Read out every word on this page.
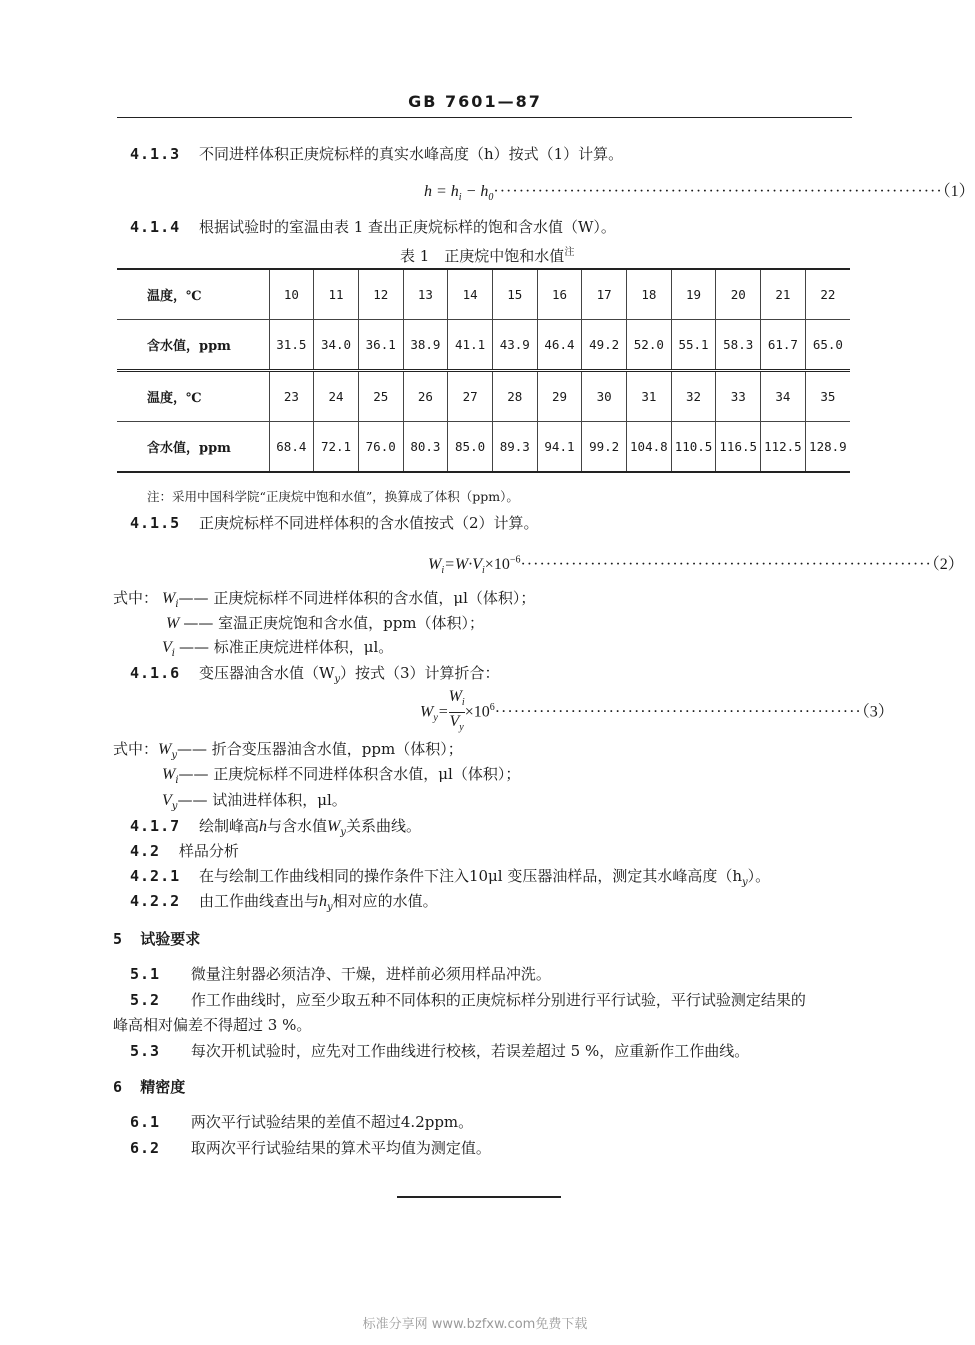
GB 7601—87
4.1.3 不同进样体积正庚烷标样的真实水峰高度（h）按式（1）计算。
$h = h_i - h_0\cdot\cdot\cdot\cdot\cdot\cdot\cdot\cdot\cdot\cdot\cdot\cdot\cdot\cdot\cdot\cdot\cdot\cdot\cdot\cdot\cdot\cdot\cdot\cdot\cdot\cdot\cdot\cdot\cdot\cdot\cdot\cdot\cdot\cdot\cdot\cdot\cdot\cdot\cdot\cdot\cdot\cdot\cdot\cdot\cdot\cdot\cdot\cdot\cdot\cdot\cdot\cdot\cdot\cdot\cdot\cdot\cdot\cdot\cdot\cdot\cdot\cdot\cdot\cdot\cdot\cdot\cdot\cdot\cdot\cdot\cdot(1)$
4.1.4 根据试验时的室温由表 1 查出正庚烷标样的饱和含水值（W）。
表 1　正庚烷中饱和水值$^注$
温度，℃	10	11	12	13	14	15	16	17	18	19	20	21	22
含水值，ppm	31.5	34.0	36.1	38.9	41.1	43.9	46.4	49.2	52.0	55.1	58.3	61.7	65.0
温度，℃	23	24	25	26	27	28	29	30	31	32	33	34	35
含水值，ppm	68.4	72.1	76.0	80.3	85.0	89.3	94.1	99.2	104.8	110.5	116.5	112.5	128.9
注：采用中国科学院“正庚烷中饱和水值”，换算成了体积（ppm）。
4.1.5 正庚烷标样不同进样体积的含水值按式（2）计算。
$W_i=W\cdot V_i\times 10^{-6}\cdot\cdot\cdot\cdot\cdot\cdot\cdot\cdot\cdot\cdot\cdot\cdot\cdot\cdot\cdot\cdot\cdot\cdot\cdot\cdot\cdot\cdot\cdot\cdot\cdot\cdot\cdot\cdot\cdot\cdot\cdot\cdot\cdot\cdot\cdot\cdot\cdot\cdot\cdot\cdot\cdot\cdot\cdot\cdot\cdot\cdot\cdot\cdot\cdot\cdot\cdot\cdot\cdot\cdot\cdot\cdot\cdot\cdot\cdot\cdot\cdot\cdot\cdot\cdot\cdot(2)$
式中： $W_i——$ 正庚烷标样不同进样体积的含水值，μl（体积）；
W —— 室温正庚烷饱和含水值，ppm（体积）；
$V_i$ —— 标准正庚烷进样体积，μl。
4.1.6 变压器油含水值$(W_y)$按式（3）计算折合：
$W_y= \frac{W_i}{V_y} \times 10^6\cdot\cdot\cdot\cdot\cdot\cdot\cdot\cdot\cdot\cdot\cdot\cdot\cdot\cdot\cdot\cdot\cdot\cdot\cdot\cdot\cdot\cdot\cdot\cdot\cdot\cdot\cdot\cdot\cdot\cdot\cdot\cdot\cdot\cdot\cdot\cdot\cdot\cdot\cdot\cdot\cdot\cdot\cdot\cdot\cdot\cdot\cdot\cdot\cdot\cdot\cdot\cdot\cdot\cdot\cdot\cdot\cdot\cdot(3)$
式中：$W_y——$ 折合变压器油含水值，ppm（体积）；
$W_i——$ 正庚烷标样不同进样体积含水值，μl（体积）；
$V_y——$ 试油进样体积，μl。
4.1.7 绘制峰高h与含水值$W_y$关系曲线。
4.2 样品分析
4.2.1 在与绘制工作曲线相同的操作条件下注入10μl 变压器油样品，测定其水峰高度$(h_y)$。
4.2.2 由工作曲线查出与$h_y$相对应的水值。
5 试验要求
5.1 微量注射器必须洁净、干燥，进样前必须用样品冲洗。
5.2 作工作曲线时，应至少取五种不同体积的正庚烷标样分别进行平行试验，平行试验测定结果的
峰高相对偏差不得超过 3 %。
5.3 每次开机试验时，应先对工作曲线进行校核，若误差超过 5 %，应重新作工作曲线。
6 精密度
6.1 两次平行试验结果的差值不超过4.2ppm。
6.2 取两次平行试验结果的算术平均值为测定值。
标准分享网 www.bzfxw.com免费下载
